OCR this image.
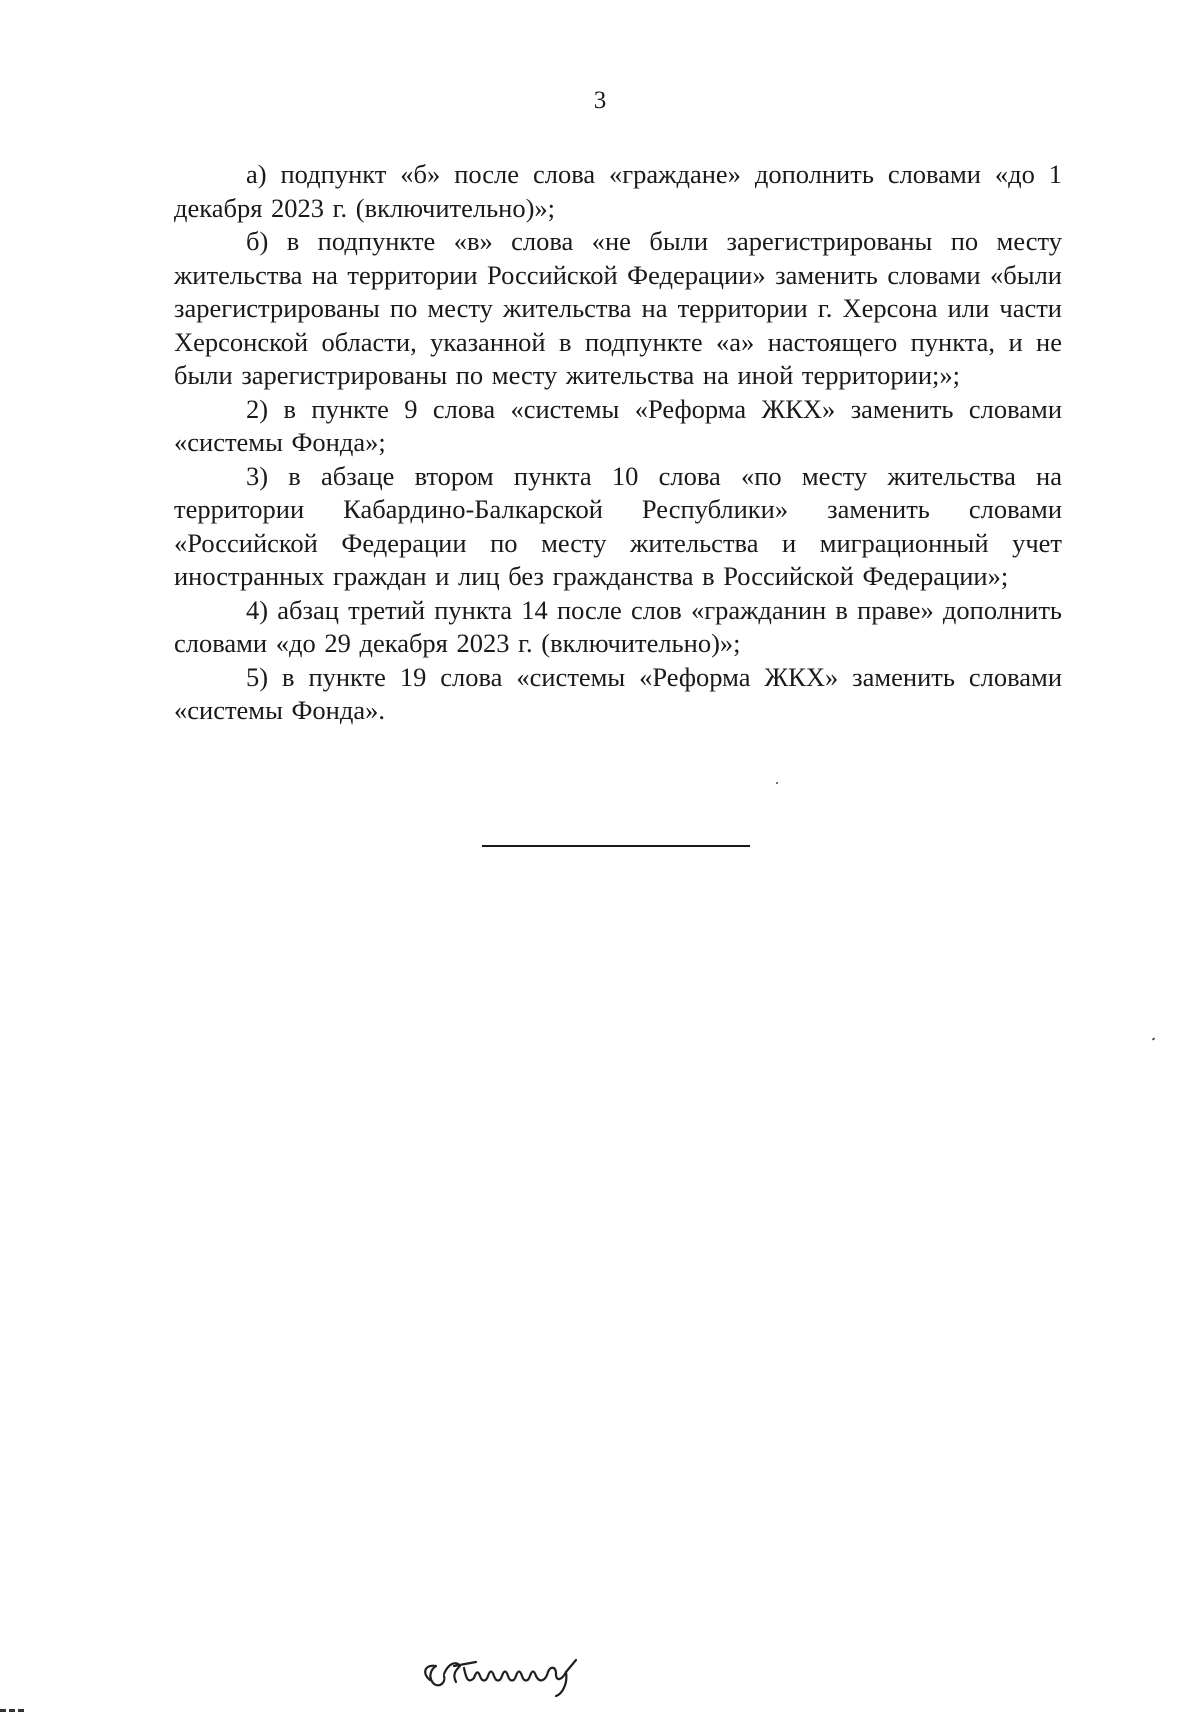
3

а) подпункт «б» после слова «граждане» дополнить словами «до 1 декабря 2023 г. (включительно)»;

б) в подпункте «в» слова «не были зарегистрированы по месту жительства на территории Российской Федерации» заменить словами «были зарегистрированы по месту жительства на территории г. Херсона или части Херсонской области, указанной в подпункте «а» настоящего пункта, и не были зарегистрированы по месту жительства на иной территории;»;

2) в пункте 9 слова «системы «Реформа ЖКХ» заменить словами «системы Фонда»;

3) в абзаце втором пункта 10 слова «по месту жительства на территории Кабардино-Балкарской Республики» заменить словами «Российской Федерации по месту жительства и миграционный учет иностранных граждан и лиц без гражданства в Российской Федерации»;

4) абзац третий пункта 14 после слов «гражданин в праве» дополнить словами «до 29 декабря 2023 г. (включительно)»;

5) в пункте 19 слова «системы «Реформа ЖКХ» заменить словами «системы Фонда».
